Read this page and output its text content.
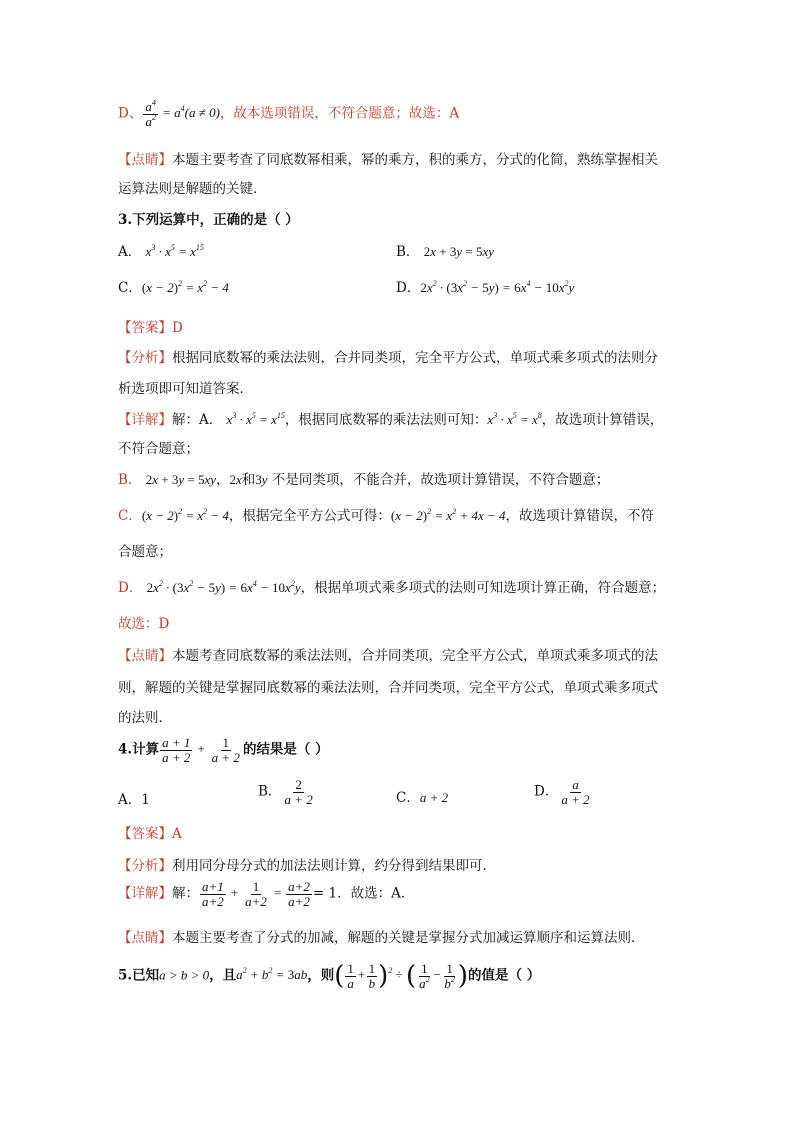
D、 $\frac{a^4}{a^2} = a^4(a \ne 0)$，故本选项错误，不符合题意；故选：A
【点睛】本题主要考查了同底数幂相乘，幂的乘方，积的乘方，分式的化简，熟练掌握相关
运算法则是解题的关键．
3.下列运算中，正确的是（ ）
A． $x^3 \cdot x^5 = x^{15}$	B． 2x + 3y = 5xy
C．$(x - 2)^2 = x^2 - 4$	D．$2x^2 \cdot (3x^2 - 5y) = 6x^4 - 10x^2y$
【答案】D
【分析】根据同底数幂的乘法法则，合并同类项，完全平方公式，单项式乘多项式的法则分
析选项即可知道答案．
【详解】解：A． $x^3 \cdot x^5 = x^{15}$，根据同底数幂的乘法法则可知：$x^3 \cdot x^5 = x^8$，故选项计算错误，
不符合题意；
B． 2x + 3y = 5xy，2x和3y 不是同类项，不能合并，故选项计算错误，不符合题意；
C．$(x - 2)^2 = x^2 - 4$，根据完全平方公式可得：$(x - 2)^2 = x^2 + 4x - 4$，故选项计算错误，不符
合题意；
D． $2x^2 \cdot (3x^2 - 5y) = 6x^4 - 10x^2y$，根据单项式乘多项式的法则可知选项计算正确，符合题意；
故选：D
【点睛】本题考查同底数幂的乘法法则，合并同类项，完全平方公式，单项式乘多项式的法
则，解题的关键是掌握同底数幂的乘法法则，合并同类项，完全平方公式，单项式乘多项式
的法则．
4.计算 $\frac{a + 1}{a + 2} + \frac{1}{a + 2}$ 的结果是（ ）
A．1
B． $\frac{2}{a + 2}$	C．a + 2	D． $\frac{a}{a + 2}$
【答案】A
【分析】利用同分母分式的加法法则计算，约分得到结果即可．
【详解】解： $\frac{a+1}{a+2} + \frac{1}{a+2} = \frac{a+2}{a+2} = 1$．故选：A．
【点睛】本题主要考查了分式的加减，解题的关键是掌握分式加减运算顺序和运算法则．
5.已知a > b > 0，且$a^2 + b^2 = 3ab$，则( $\frac{1}{a} + \frac{1}{b} )^2$ ÷ ( $\frac{1}{a^2} - \frac{1}{b^2}$ )的值是（ ）
